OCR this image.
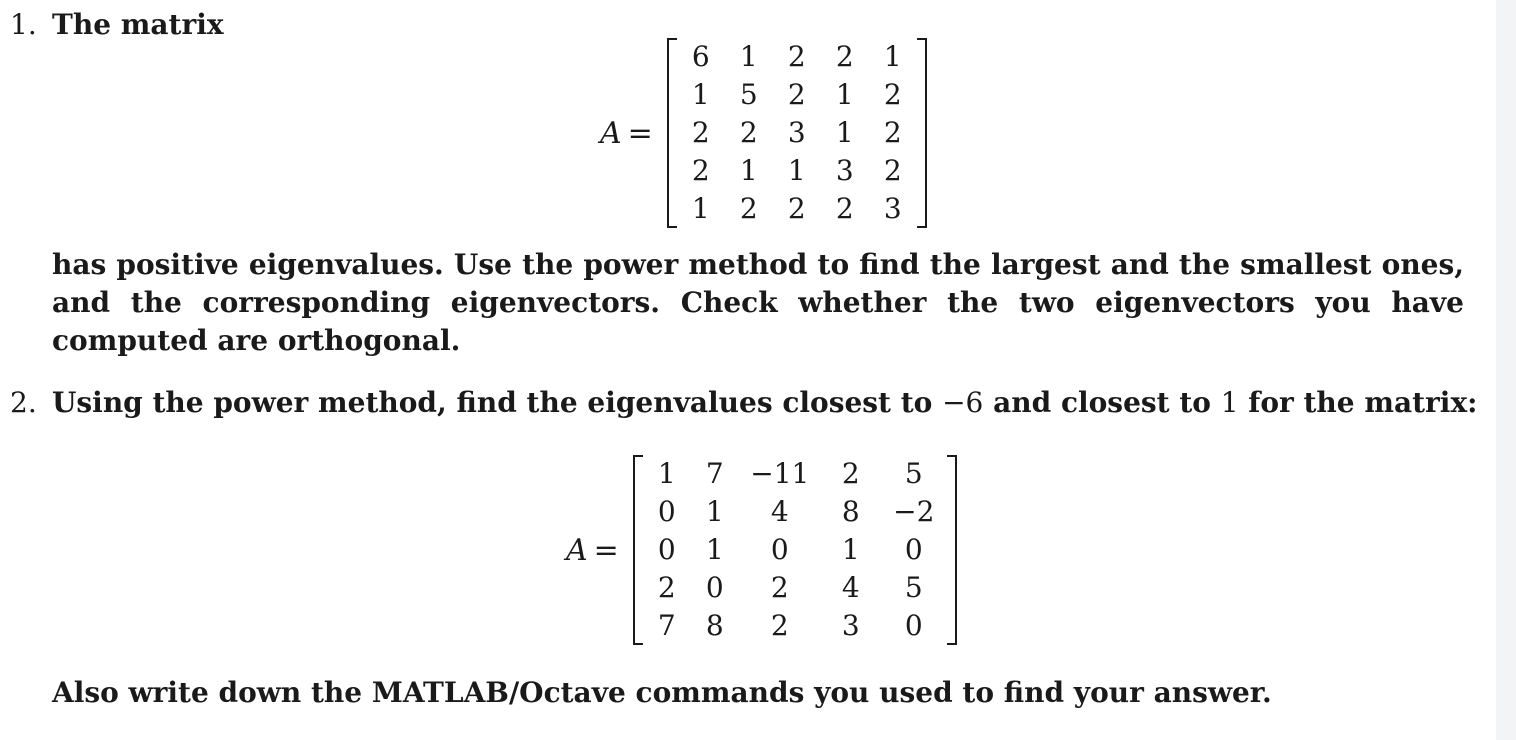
1. The matrix
A =
6	1	2	2	1
1	5	2	1	2
2	2	3	1	2
2	1	1	3	2
1	2	2	2	3
has positive eigenvalues. Use the power method to find the largest and the smallest ones, and the corresponding eigenvectors. Check whether the two eigenvectors you have computed are orthogonal.
2. Using the power method, find the eigenvalues closest to −6 and closest to 1 for the matrix:
A =
1	7 −11	2	5
0	1	4	8	−2
0	1	0	1	0
2	0	2	4	5
7	8	2	3	0
Also write down the MATLAB/Octave commands you used to find your answer.
